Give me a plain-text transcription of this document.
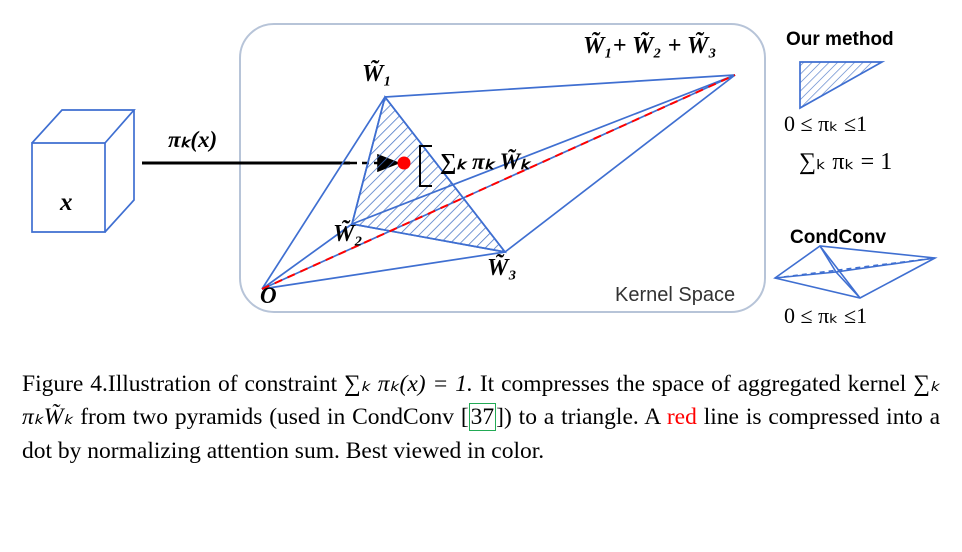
x
πₖ(x)
W̃₁
W̃₂
W̃₃
W̃₁+ W̃₂ + W̃₃
∑ₖ πₖ W̃ₖ
O	Kernel Space
Our method
0 ≤ πₖ ≤1
∑ₖ πₖ = 1
CondConv
0 ≤ πₖ ≤1
Figure 4.Illustration of constraint ∑ₖ πₖ(x) = 1. It compresses the space of aggregated kernel ∑ₖ πₖW̃ₖ from two pyramids (used in CondConv [37]) to a triangle. A red line is compressed into a dot by normalizing attention sum. Best viewed in color.
